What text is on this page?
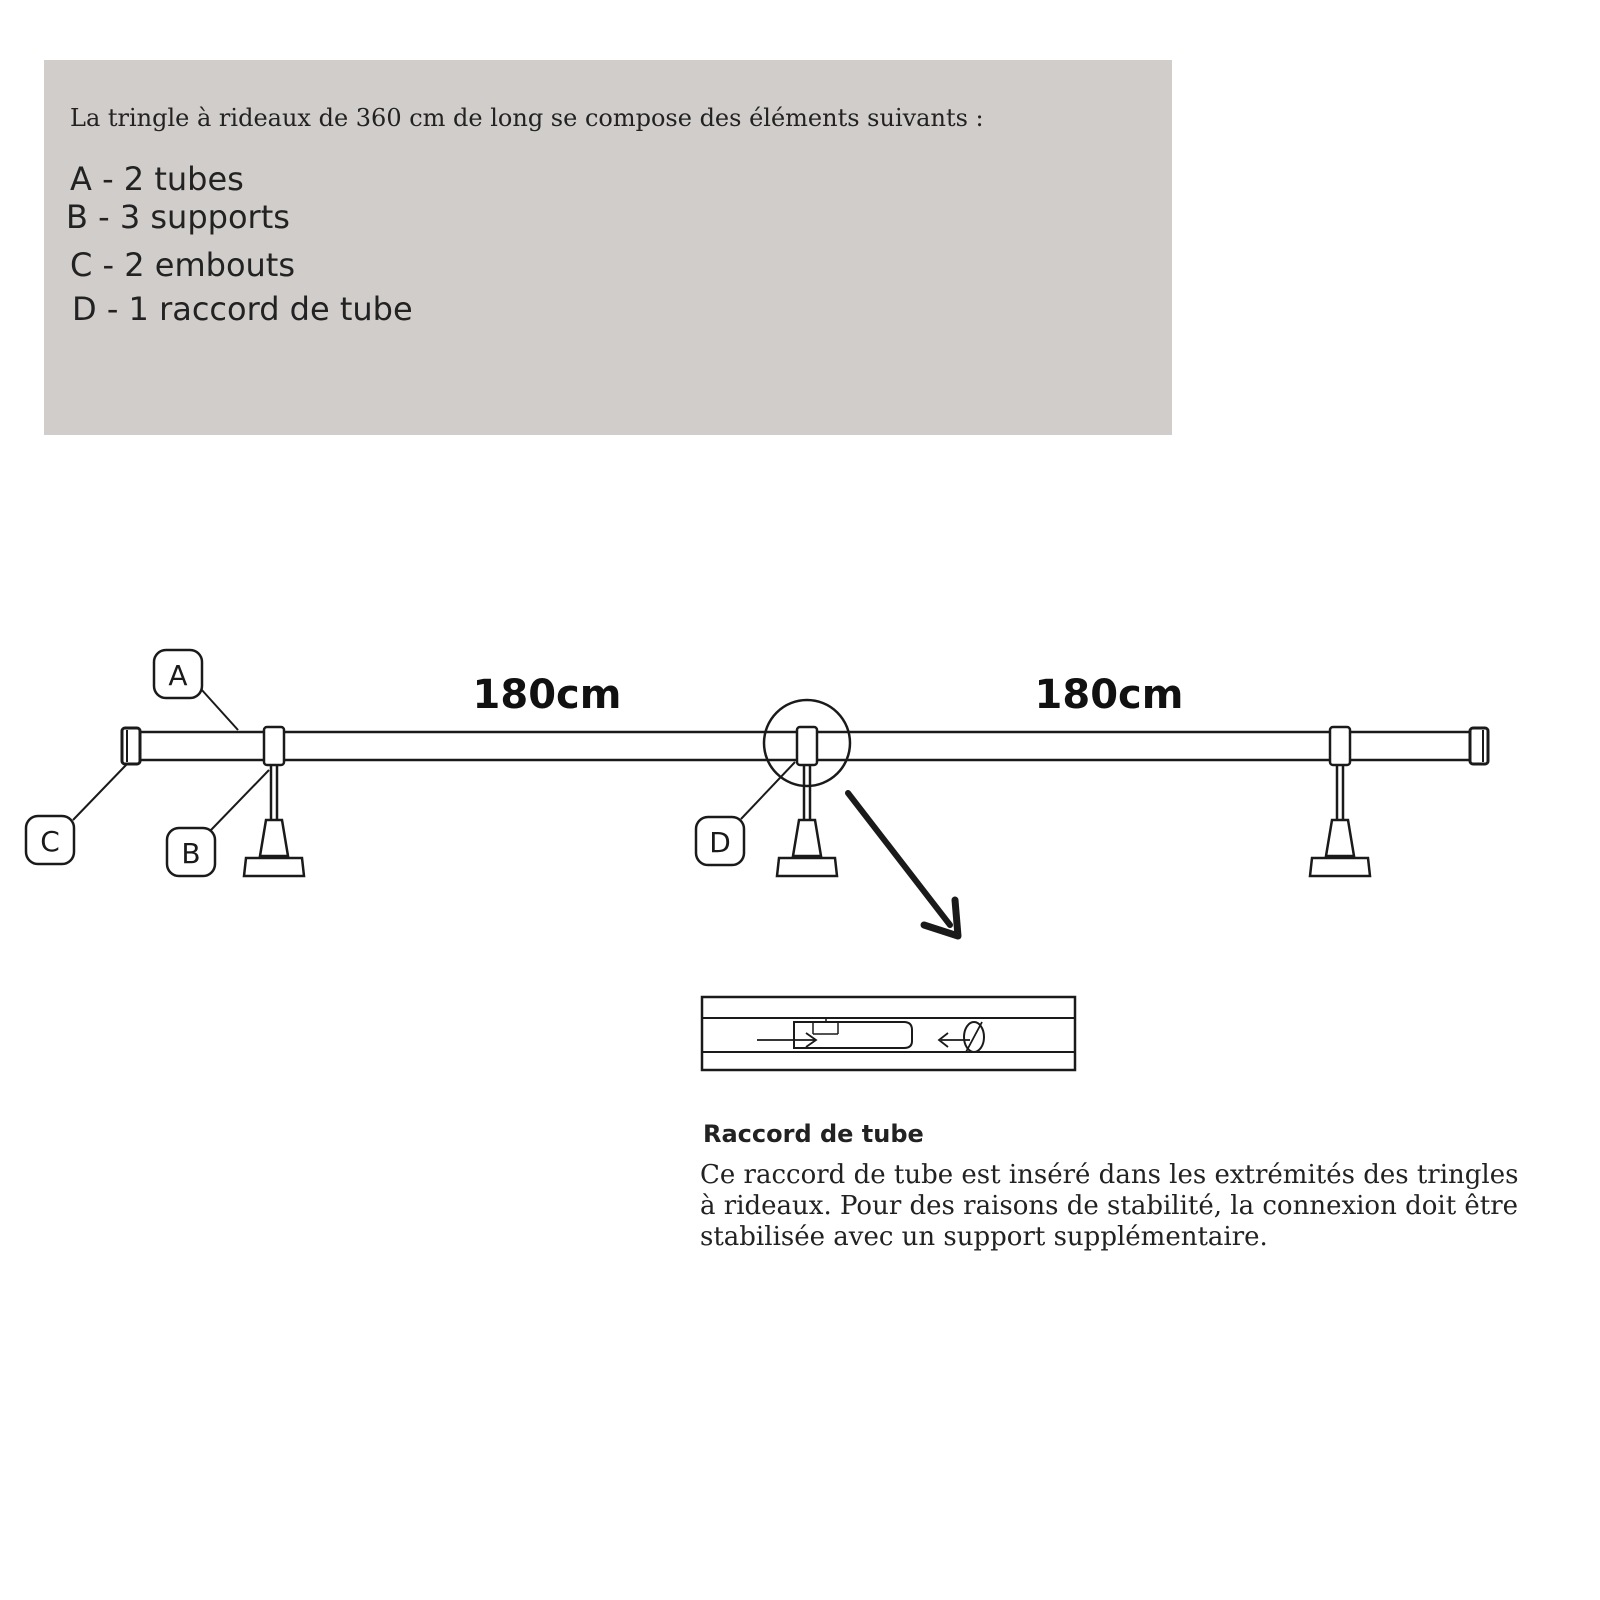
La tringle à rideaux de 360 cm de long se compose des éléments suivants :
A - 2 tubes
B - 3 supports
C - 2 embouts
D - 1 raccord de tube
180cm	180cm
A
C	B	D
Raccord de tube
Ce raccord de tube est inséré dans les extrémités des tringles à rideaux. Pour des raisons de stabilité, la connexion doit être stabilisée avec un support supplémentaire.
